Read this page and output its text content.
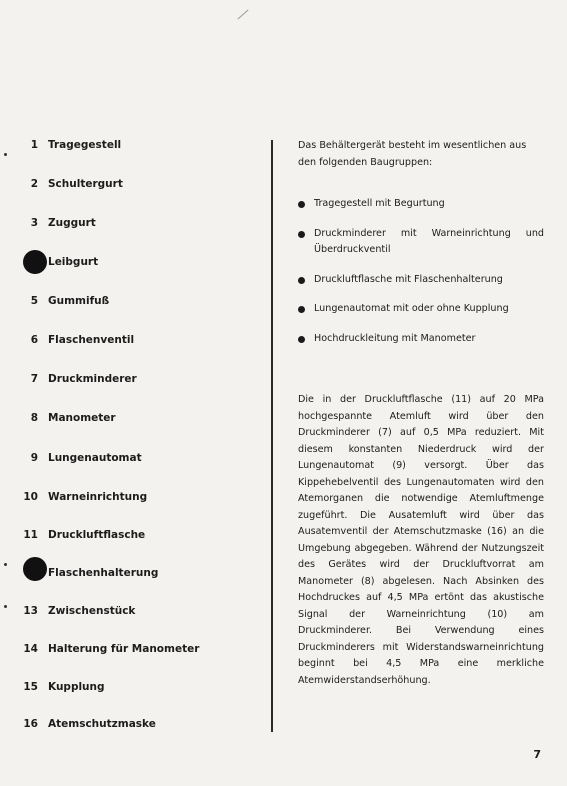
1 Tragegestell
2 Schultergurt
3 Zuggurt
Leibgurt
5 Gummifuß
6 Flaschenventil
7 Druckminderer
8 Manometer
9 Lungenautomat
10 Warneinrichtung
11 Druckluftflasche
Flaschenhalterung
13 Zwischenstück
14 Halterung für Manometer
15 Kupplung
16 Atemschutzmaske
Das Behältergerät besteht im wesentlichen aus den folgenden Baugruppen:
Tragegestell mit Begurtung
Druckminderer mit Warneinrichtung und Überdruckventil
Druckluftflasche mit Flaschenhalterung
Lungenautomat mit oder ohne Kupplung
Hochdruckleitung mit Manometer
Die in der Druckluftflasche (11) auf 20 MPa hochgespannte Atemluft wird über den Druckminderer (7) auf 0,5 MPa reduziert. Mit diesem konstanten Niederdruck wird der Lungenautomat (9) versorgt. Über das Kippehebelventil des Lungenautomaten wird den Atemorganen die notwendige Atemluftmenge zugeführt. Die Ausatemluft wird über das Ausatemventil der Atemschutzmaske (16) an die Umgebung abgegeben. Während der Nutzungszeit des Gerätes wird der Druckluftvorrat am Manometer (8) abgelesen. Nach Absinken des Hochdruckes auf 4,5 MPa ertönt das akustische Signal der Warneinrichtung (10) am Druckminderer. Bei Verwendung eines Druckminderers mit Widerstandswarneinrichtung beginnt bei 4,5 MPa eine merkliche Atemwiderstandserhöhung.
7
